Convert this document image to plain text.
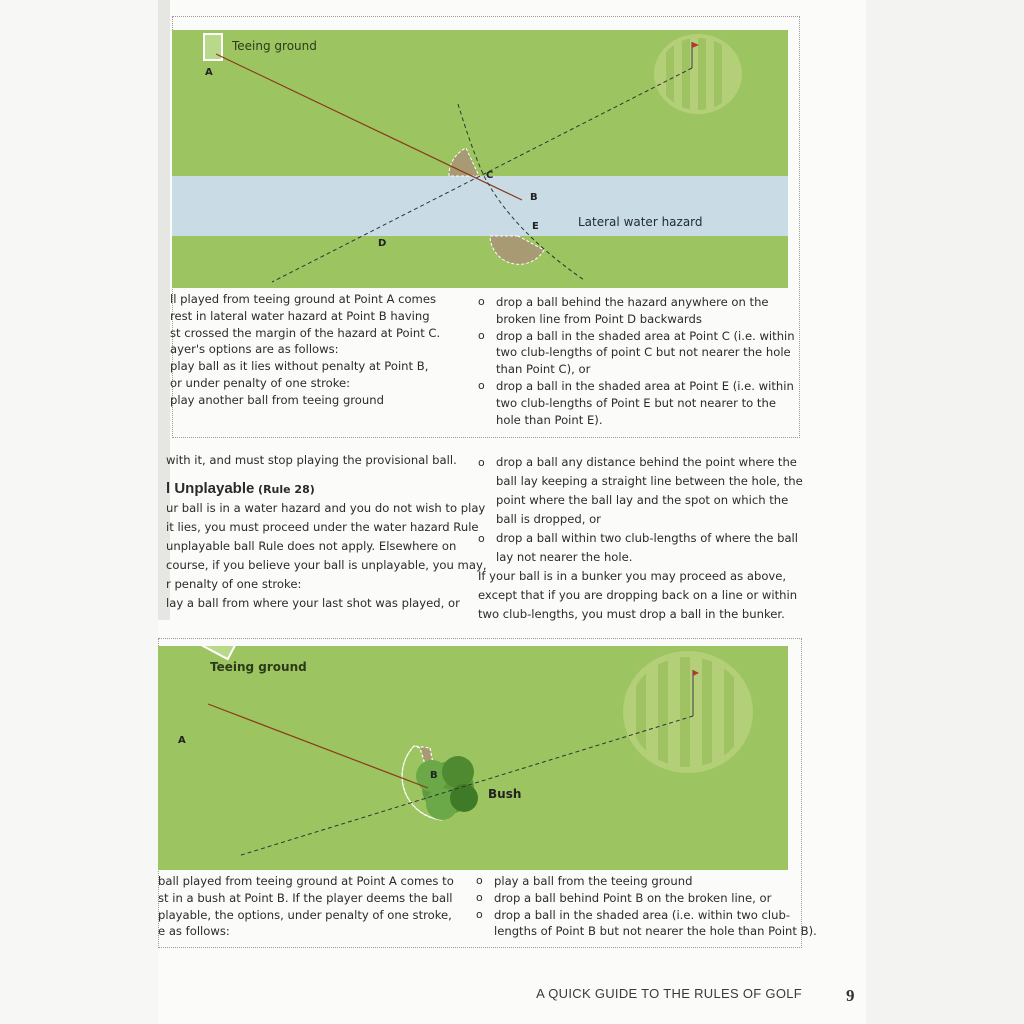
Teeing ground
A
C
B
E
D
Lateral water hazard

ll played from teeing ground at Point A comes

rest in lateral water hazard at Point B having

st crossed the margin of the hazard at Point C.

ayer's options are as follows:

play ball as it lies without penalty at Point B,

or under penalty of one stroke:

play another ball from teeing ground

o drop a ball behind the hazard anywhere on the

broken line from Point D backwards

o drop a ball in the shaded area at Point C (i.e. within

two club-lengths of point C but not nearer the hole

than Point C), or

o drop a ball in the shaded area at Point E (i.e. within

two club-lengths of Point E but not nearer to the

hole than Point E).

with it, and must stop playing the provisional ball.

l Unplayable (Rule 28)

ur ball is in a water hazard and you do not wish to play

it lies, you must proceed under the water hazard Rule

unplayable ball Rule does not apply. Elsewhere on

course, if you believe your ball is unplayable, you may,

r penalty of one stroke:

lay a ball from where your last shot was played, or

o drop a ball any distance behind the point where the

ball lay keeping a straight line between the hole, the

point where the ball lay and the spot on which the

ball is dropped, or

o drop a ball within two club-lengths of where the ball

lay not nearer the hole.

If your ball is in a bunker you may proceed as above,

except that if you are dropping back on a line or within

two club-lengths, you must drop a ball in the bunker.

Teeing ground
A
B
Bush

ball played from teeing ground at Point A comes to

st in a bush at Point B. If the player deems the ball

playable, the options, under penalty of one stroke,

e as follows:

o play a ball from the teeing ground

o drop a ball behind Point B on the broken line, or

o drop a ball in the shaded area (i.e. within two club-

lengths of Point B but not nearer the hole than Point B).

A QUICK GUIDE TO THE RULES OF GOLF	9
